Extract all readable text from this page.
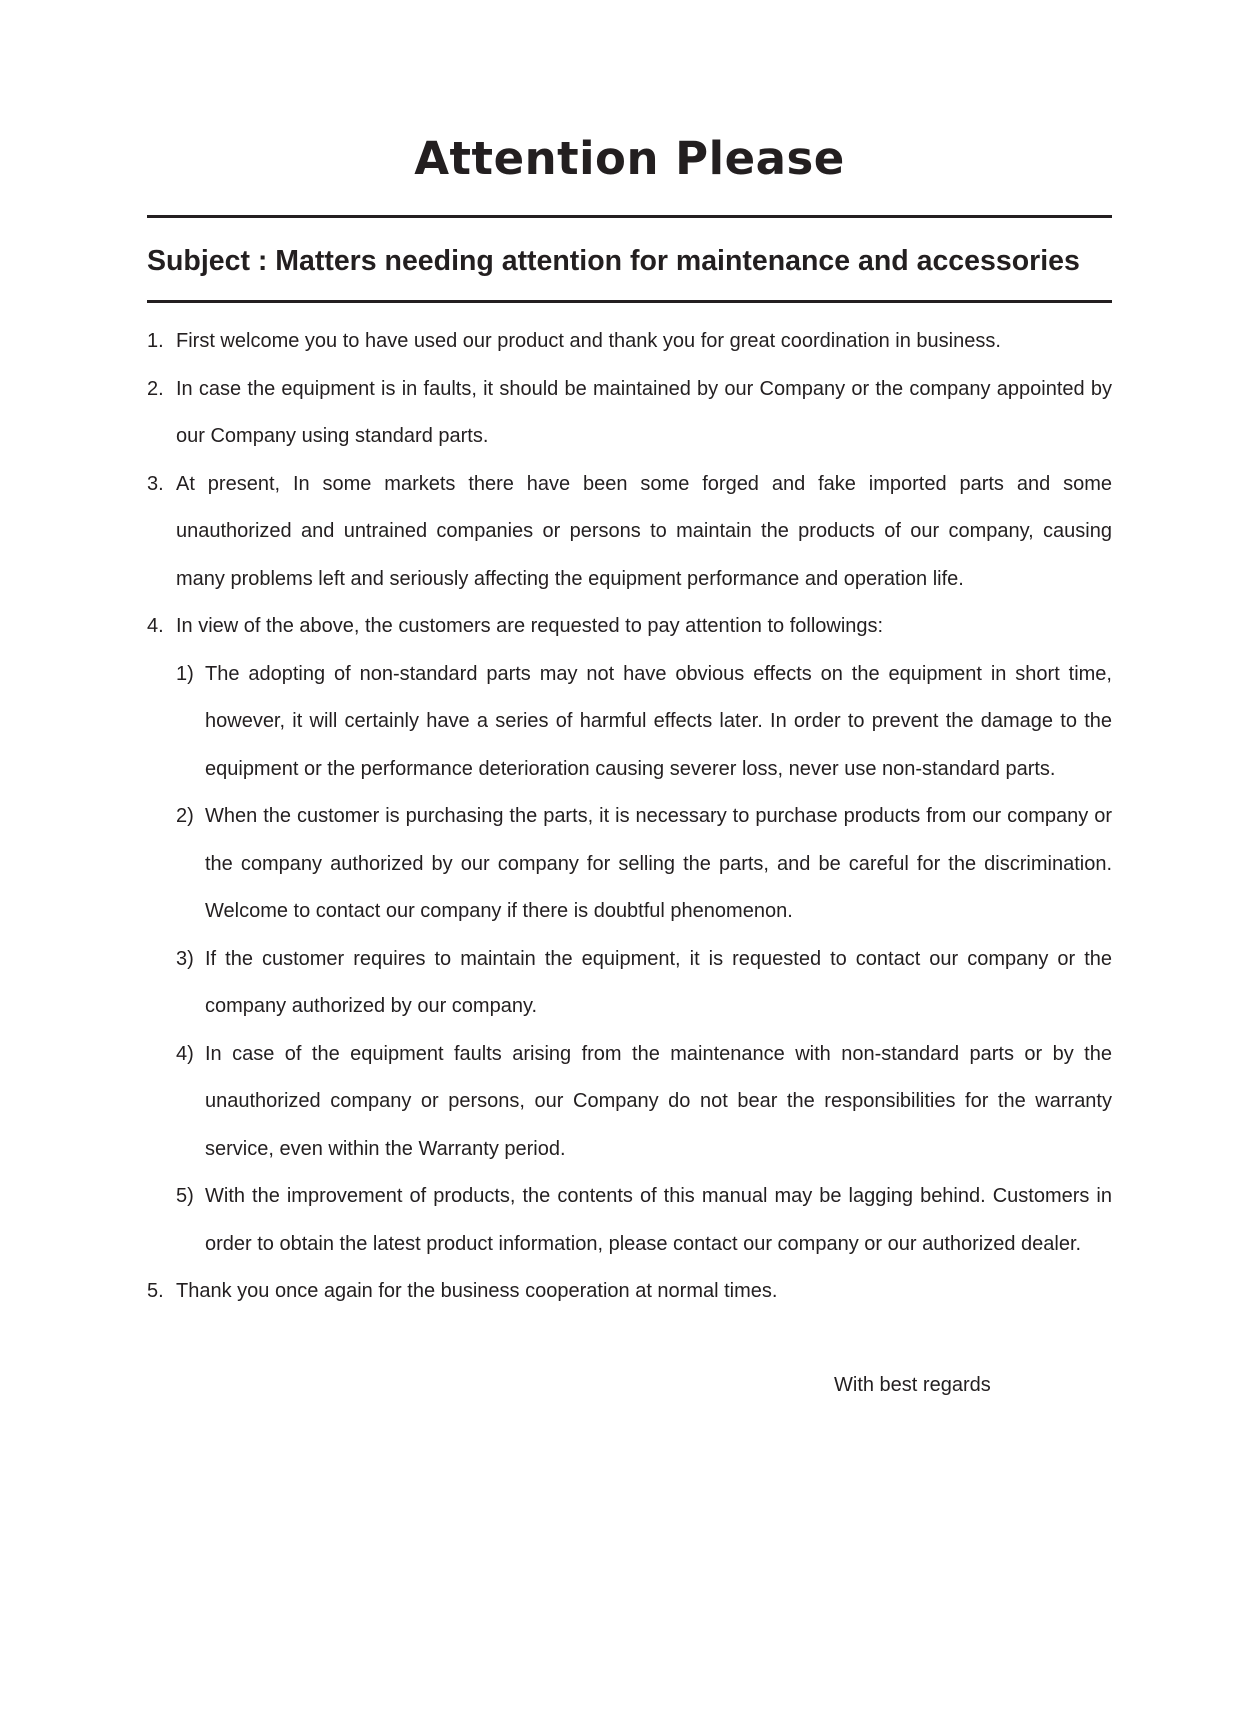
Attention Please
Subject : Matters needing attention for maintenance and accessories
1. First welcome you to have used our product and thank you for great coordination in business.
2. In case the equipment is in faults, it should be maintained by our Company or the company appointed by our Company using standard parts.
3. At present, In some markets there have been some forged and fake imported parts and some unauthorized and untrained companies or persons to maintain the products of our company, causing many problems left and seriously affecting the equipment performance and operation life.
4. In view of the above, the customers are requested to pay attention to followings:
1) The adopting of non-standard parts may not have obvious effects on the equipment in short time, however, it will certainly have a series of harmful effects later. In order to prevent the damage to the equipment or the performance deterioration causing severer loss, never use non-standard parts.
2) When the customer is purchasing the parts, it is necessary to purchase products from our company or the company authorized by our company for selling the parts, and be careful for the discrimination. Welcome to contact our company if there is doubtful phenomenon.
3) If the customer requires to maintain the equipment, it is requested to contact our company or the company authorized by our company.
4) In case of the equipment faults arising from the maintenance with non-standard parts or by the unauthorized company or persons, our Company do not bear the responsibilities for the warranty service, even within the Warranty period.
5) With the improvement of products, the contents of this manual may be lagging behind. Customers in order to obtain the latest product information, please contact our company or our authorized dealer.
5. Thank you once again for the business cooperation at normal times.
With best regards
